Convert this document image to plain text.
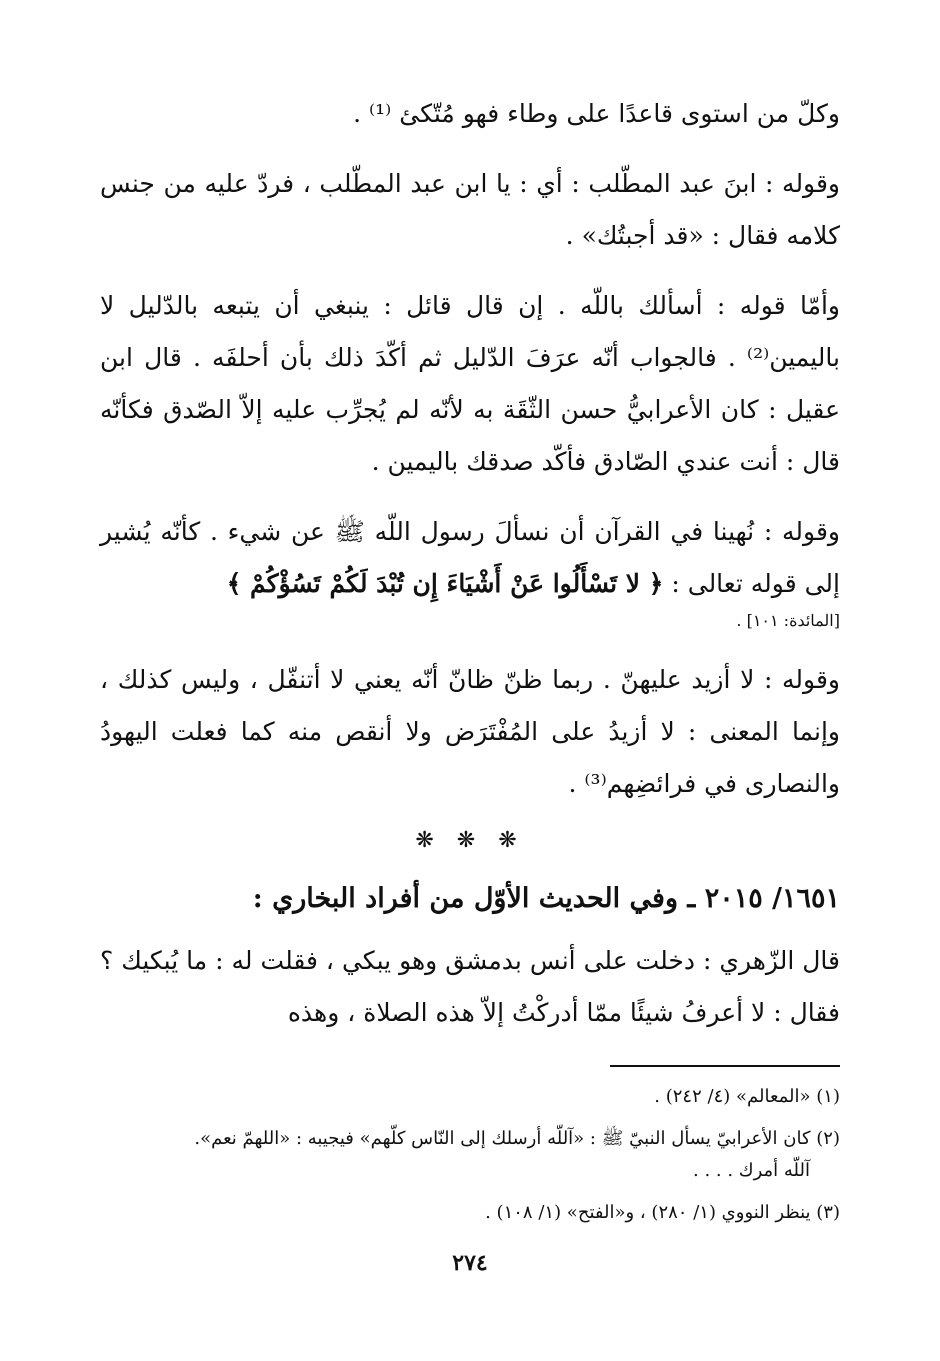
وكلّ من استوى قاعدًا على وطاء فهو مُتّكئ ⁽¹⁾ .

وقوله : ابنَ عبد المطّلب : أي : يا ابن عبد المطّلب ، فردّ عليه من جنس كلامه فقال : «قد أجبتُك» .

وأمّا قوله : أسألك باللّه . إن قال قائل : ينبغي أن يتبعه بالدّليل لا باليمين⁽²⁾ . فالجواب أنّه عرَفَ الدّليل ثم أكّدَ ذلك بأن أحلفَه . قال ابن عقيل : كان الأعرابيُّ حسن الثّقَة به لأنّه لم يُجرِّب عليه إلاّ الصّدق فكأنّه قال : أنت عندي الصّادق فأكّد صدقك باليمين .

وقوله : نُهينا في القرآن أن نسألَ رسول اللّه ﷺ عن شيء . كأنّه يُشير إلى قوله تعالى : ﴿ لا تَسْأَلُوا عَنْ أَشْيَاءَ إِن تُبْدَ لَكُمْ تَسُؤْكُمْ ﴾
[المائدة: ١٠١] .

وقوله : لا أزيد عليهنّ . ربما ظنّ ظانّ أنّه يعني لا أتنفّل ، وليس كذلك ، وإنما المعنى : لا أزيدُ على المُفْتَرَض ولا أنقص منه كما فعلت اليهودُ والنصارى في فرائضِهم⁽³⁾ .

❋ ❋ ❋
١٦٥١/ ٢٠١٥ ـ وفي الحديث الأوّل من أفراد البخاري :

قال الزّهري : دخلت على أنس بدمشق وهو يبكي ، فقلت له : ما يُبكيك ؟ فقال : لا أعرفُ شيئًا ممّا أدركْتُ إلاّ هذه الصلاة ، وهذه

(١) «المعالم» (٤/ ٢٤٢) .
(٢) كان الأعرابيّ يسأل النبيّ ﷺ : «آللّه أرسلك إلى النّاس كلّهم» فيجيبه : «اللهمّ نعم».
آللّه أمرك . . . .
(٣) ينظر النووي (١/ ٢٨٠) ، و«الفتح» (١/ ١٠٨) .
٢٧٤
